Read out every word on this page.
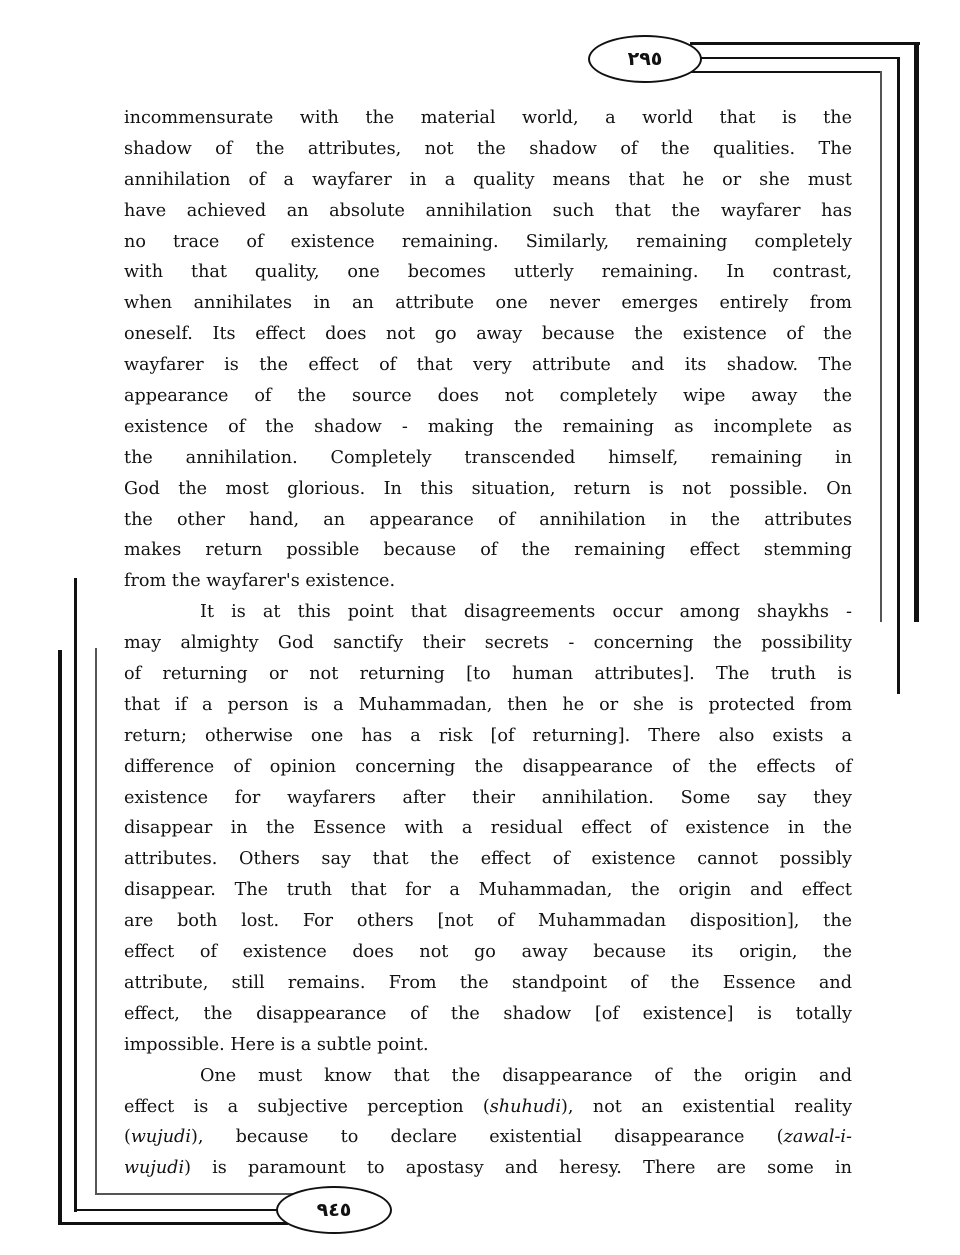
٢٩٥
٩٤٥
incommensurate with the material world, a world that is the
shadow of the attributes, not the shadow of the qualities. The
annihilation of a wayfarer in a quality means that he or she must
have achieved an absolute annihilation such that the wayfarer has
no trace of existence remaining. Similarly, remaining completely
with that quality, one becomes utterly remaining. In contrast,
when annihilates in an attribute one never emerges entirely from
oneself. Its effect does not go away because the existence of the
wayfarer is the effect of that very attribute and its shadow. The
appearance of the source does not completely wipe away the
existence of the shadow - making the remaining as incomplete as
the annihilation. Completely transcended himself, remaining in
God the most glorious. In this situation, return is not possible. On
the other hand, an appearance of annihilation in the attributes
makes return possible because of the remaining effect stemming
from the wayfarer's existence.
It is at this point that disagreements occur among shaykhs -
may almighty God sanctify their secrets - concerning the possibility
of returning or not returning [to human attributes]. The truth is
that if a person is a Muhammadan, then he or she is protected from
return; otherwise one has a risk [of returning]. There also exists a
difference of opinion concerning the disappearance of the effects of
existence for wayfarers after their annihilation. Some say they
disappear in the Essence with a residual effect of existence in the
attributes. Others say that the effect of existence cannot possibly
disappear. The truth that for a Muhammadan, the origin and effect
are both lost. For others [not of Muhammadan disposition], the
effect of existence does not go away because its origin, the
attribute, still remains. From the standpoint of the Essence and
effect, the disappearance of the shadow [of existence] is totally
impossible. Here is a subtle point.
One must know that the disappearance of the origin and
effect is a subjective perception (shuhudi), not an existential reality
(wujudi), because to declare existential disappearance (zawal-i-
wujudi) is paramount to apostasy and heresy. There are some in
